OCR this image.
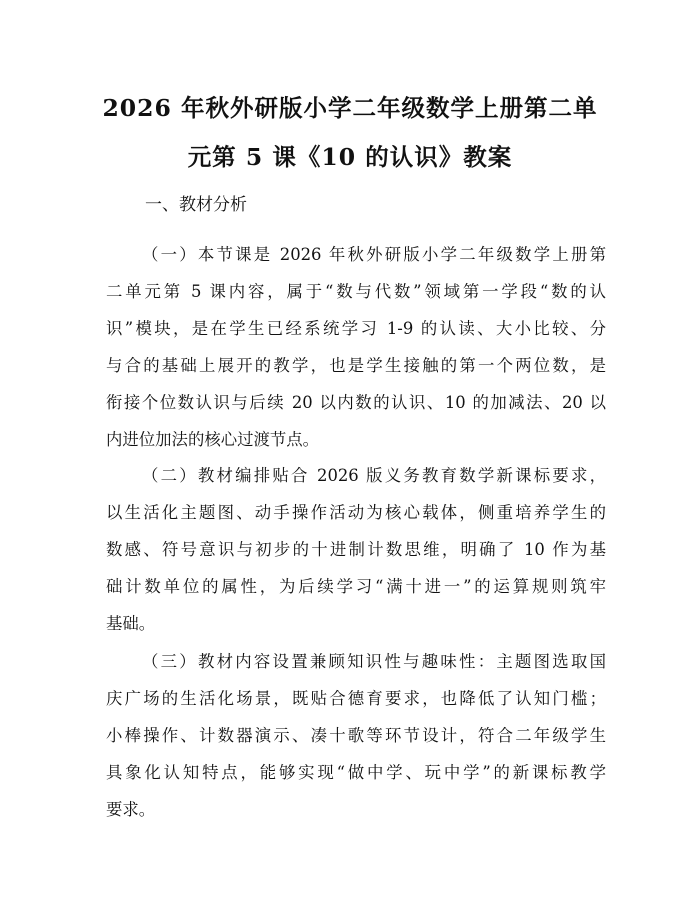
2026 年秋外研版小学二年级数学上册第二单
元第 5 课《10 的认识》教案
一、教材分析
（一）本节课是 2026 年秋外研版小学二年级数学上册第
二单元第 5 课内容，属于“数与代数”领域第一学段“数的认
识”模块，是在学生已经系统学习 1-9 的认读、大小比较、分
与合的基础上展开的教学，也是学生接触的第一个两位数，是
衔接个位数认识与后续 20 以内数的认识、10 的加减法、20 以
内进位加法的核心过渡节点。
（二）教材编排贴合 2026 版义务教育数学新课标要求，
以生活化主题图、动手操作活动为核心载体，侧重培养学生的
数感、符号意识与初步的十进制计数思维，明确了 10 作为基
础计数单位的属性，为后续学习“满十进一”的运算规则筑牢
基础。
（三）教材内容设置兼顾知识性与趣味性：主题图选取国
庆广场的生活化场景，既贴合德育要求，也降低了认知门槛；
小棒操作、计数器演示、凑十歌等环节设计，符合二年级学生
具象化认知特点，能够实现“做中学、玩中学”的新课标教学
要求。
